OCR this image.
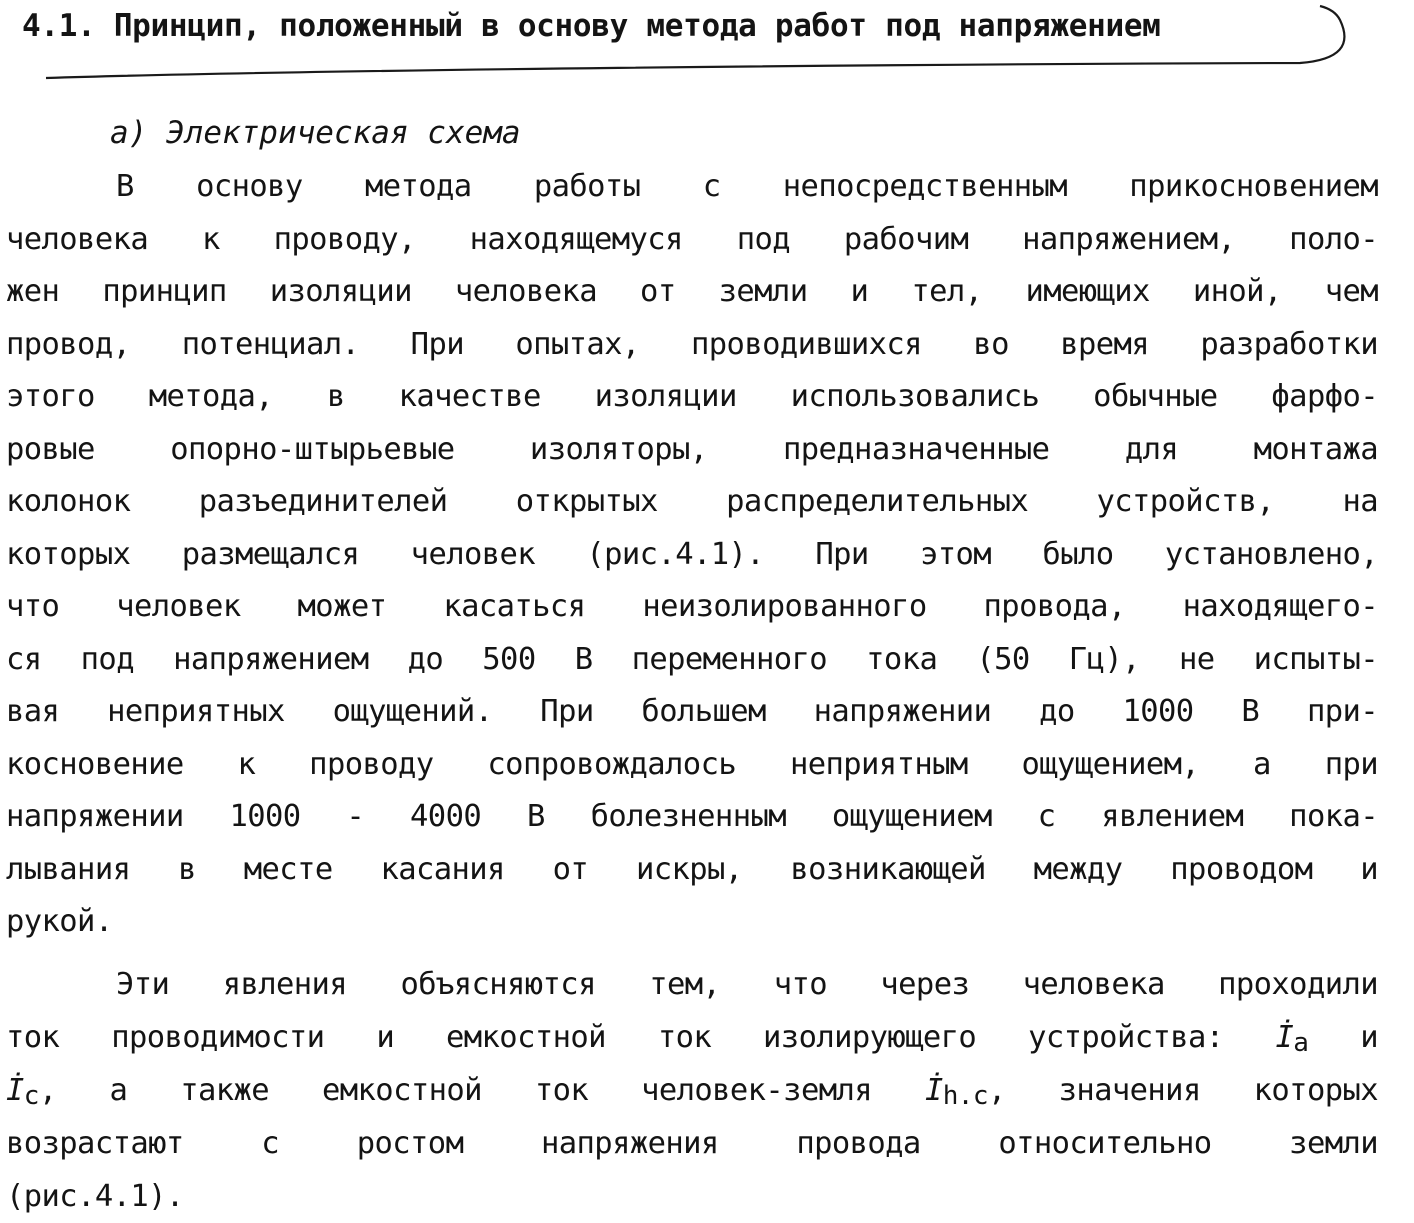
4.1. Принцип, положенный в основу метода работ под напряжением
а) Электрическая схема
В основу метода работы с непосредственным прикосновением
человека к проводу, находящемуся под рабочим напряжением, поло-
жен принцип изоляции человека от земли и тел, имеющих иной, чем
провод, потенциал. При опытах, проводившихся во время разработки
этого метода, в качестве изоляции использовались обычные фарфо-
ровые опорно-штырьевые изоляторы, предназначенные для монтажа
колонок разъединителей открытых распределительных устройств, на
которых размещался человек (рис.4.1). При этом было установлено,
что человек может касаться неизолированного провода, находящего-
ся под напряжением до 500 В переменного тока (50 Гц), не испыты-
вая неприятных ощущений. При большем напряжении до 1000 В при-
косновение к проводу сопровождалось неприятным ощущением, а при
напряжении 1000 - 4000 В болезненным ощущением с явлением пока-
лывания в месте касания от искры, возникающей между проводом и
рукой.
Эти явления объясняются тем, что через человека проходили
ток проводимости и емкостной ток изолирующего устройства: İa и
İc, а также емкостной ток человек-земля İh.c, значения которых
возрастают с ростом напряжения провода относительно земли
(рис.4.1).
